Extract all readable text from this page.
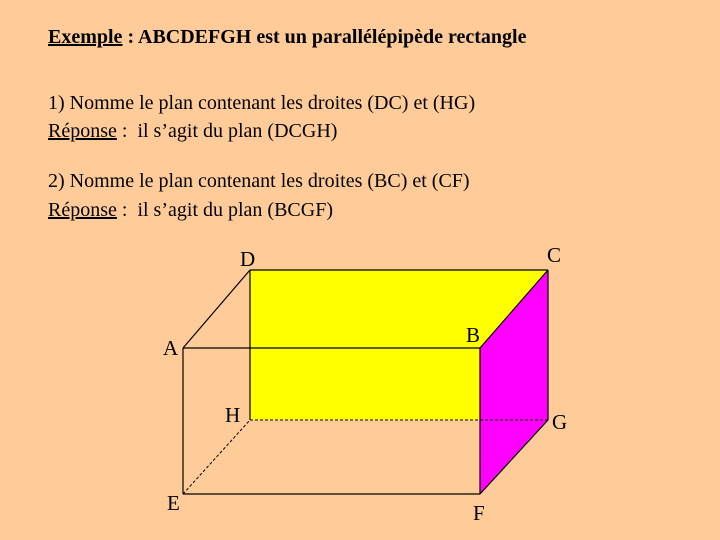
Exemple : ABCDEFGH est un parallélépipède rectangle
1) Nomme le plan contenant les droites (DC) et (HG)
Réponse :  il s’agit du plan (DCGH)
2) Nomme le plan contenant les droites (BC) et (CF)
Réponse :  il s’agit du plan (BCGF)
D	C
A
B
H	G
E	F
